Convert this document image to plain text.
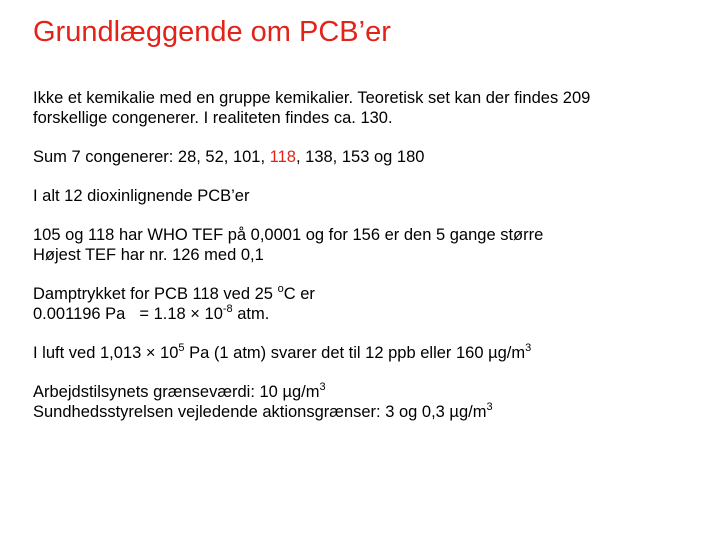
Grundlæggende om PCB’er
Ikke et kemikalie med en gruppe kemikalier. Teoretisk set kan der findes 209
forskellige congenerer. I realiteten findes ca. 130.
Sum 7 congenerer: 28, 52, 101, 118, 138, 153 og 180
I alt 12 dioxinlignende PCB’er
105 og 118 har WHO TEF på 0,0001 og for 156 er den 5 gange større
Højest TEF har nr. 126 med 0,1
Damptrykket for PCB 118 ved 25 $^o$C er
0.001196 $Pa = 1.18 \times 10^{-8}$ atm.
I luft ved $1,013 \times 10^5$ Pa (1 atm) svarer det til 12 ppb eller 160 $\mu g/m^3$
Arbejdstilsynets grænseværdi: 10 $\mu g/m^3$
Sundhedsstyrelsen vejledende aktionsgrænser: 3 og 0,3 $\mu g/m^3$
